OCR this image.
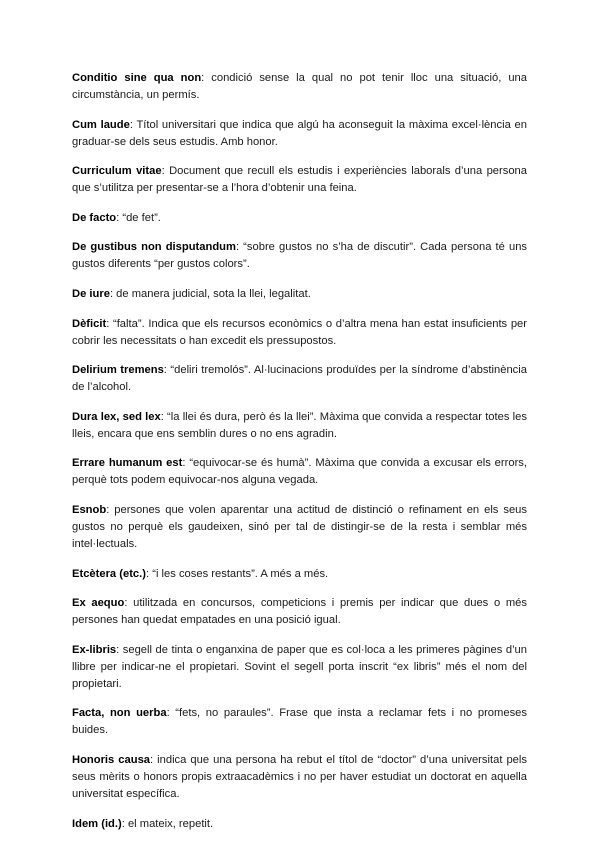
Conditio sine qua non: condició sense la qual no pot tenir lloc una situació, una circumstància, un permís.

Cum laude: Títol universitari que indica que algú ha aconseguit la màxima excel·lència en graduar-se dels seus estudis. Amb honor.

Curriculum vitae: Document que recull els estudis i experiències laborals d’una persona que s’utilitza per presentar-se a l’hora d’obtenir una feina.

De facto: “de fet”.

De gustibus non disputandum: “sobre gustos no s’ha de discutir”. Cada persona té uns gustos diferents “per gustos colors”.

De iure: de manera judicial, sota la llei, legalitat.

Dèficit: “falta”. Indica que els recursos econòmics o d’altra mena han estat insuficients per cobrir les necessitats o han excedit els pressupostos.

Delirium tremens: “deliri tremolós”. Al·lucinacions produïdes per la síndrome d’abstinència de l’alcohol.

Dura lex, sed lex: “la llei és dura, però és la llei”. Màxima que convida a respectar totes les lleis, encara que ens semblin dures o no ens agradin.

Errare humanum est: “equivocar-se és humà”. Màxima que convida a excusar els errors, perquè tots podem equivocar-nos alguna vegada.

Esnob: persones que volen aparentar una actitud de distinció o refinament en els seus gustos no perquè els gaudeixen, sinó per tal de distingir-se de la resta i semblar més intel·lectuals.

Etcètera (etc.): “i les coses restants”. A més a més.

Ex aequo: utilitzada en concursos, competicions i premis per indicar que dues o més persones han quedat empatades en una posició igual.

Ex-libris: segell de tinta o enganxina de paper que es col·loca a les primeres pàgines d’un llibre per indicar-ne el propietari. Sovint el segell porta inscrit “ex libris” més el nom del propietari.

Facta, non uerba: “fets, no paraules”. Frase que insta a reclamar fets i no promeses buides.

Honoris causa: indica que una persona ha rebut el títol de “doctor” d’una universitat pels seus mèrits o honors propis extraacadèmics i no per haver estudiat un doctorat en aquella universitat específica.

Idem (id.): el mateix, repetit.
